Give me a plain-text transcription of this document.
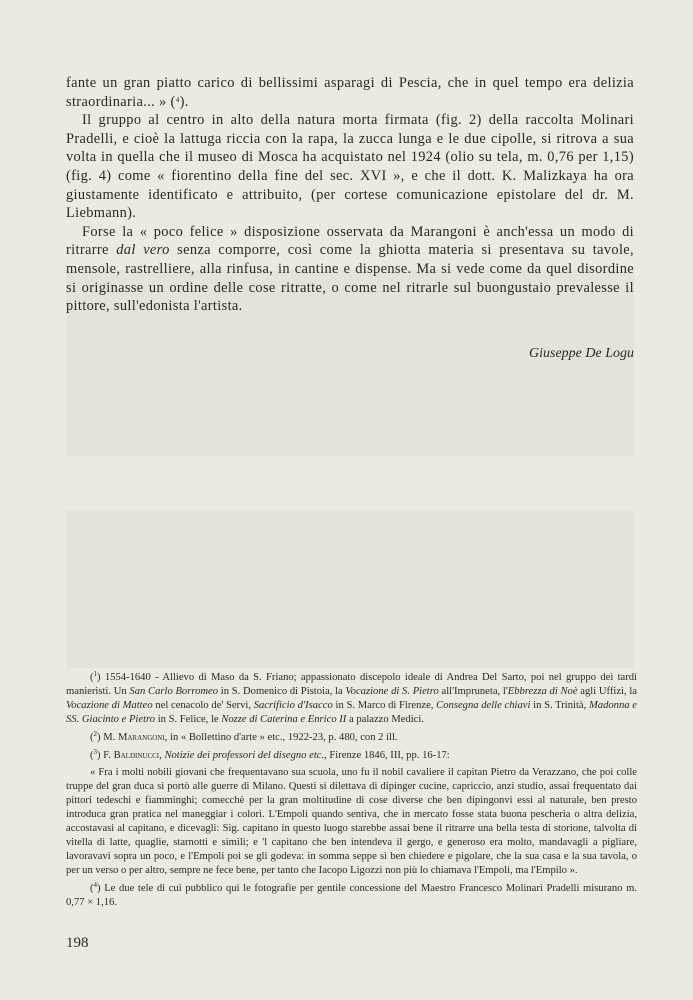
fante un gran piatto carico di bellissimi asparagi di Pescia, che in quel tempo era delizia straordinaria... » ($^4$).

Il gruppo al centro in alto della natura morta firmata (fig. 2) della raccolta Molinari Pradelli, e cioè la lattuga riccia con la rapa, la zucca lunga e le due cipolle, si ritrova a sua volta in quella che il museo di Mosca ha acquistato nel 1924 (olio su tela, m. 0,76 per 1,15) (fig. 4) come « fiorentino della fine del sec. XVI », e che il dott. K. Malizkaya ha ora giustamente identificato e attribuito, (per cortese comunicazione epistolare del dr. M. Liebmann).

Forse la « poco felice » disposizione osservata da Marangoni è anch'essa un modo di ritrarre dal vero senza comporre, così come la ghiotta materia si presentava su tavole, mensole, rastrelliere, alla rinfusa, in cantine e dispense. Ma si vede come da quel disordine si originasse un ordine delle cose ritratte, o come nel ritrarle sul buongustaio prevalesse il pittore, sull'edonista l'artista.

Giuseppe De Logu

($^1$) 1554-1640 - Allievo di Maso da S. Friano; appassionato discepolo ideale di Andrea Del Sarto, poi nel gruppo dei tardi manieristi. Un San Carlo Borromeo in S. Domenico di Pistoia, la Vocazione di S. Pietro all'Impruneta, l'Ebbrezza di Noè agli Uffizi, la Vocazione di Matteo nel cenacolo de' Servi, Sacrificio d'Isacco in S. Marco di Firenze, Consegna delle chiavi in S. Trinità, Madonna e SS. Giacinto e Pietro in S. Felice, le Nozze di Caterina e Enrico II a palazzo Medici.

($^2$) M. Marangoni, in « Bollettino d'arte » etc., 1922-23, p. 480, con 2 ill.

($^3$) F. Baldinucci, Notizie dei professori del disegno etc., Firenze 1846, III, pp. 16-17:

« Fra i molti nobili giovani che frequentavano sua scuola, uno fu il nobil cavaliere il capitan Pietro da Verazzano, che poi colle truppe del gran duca si portò alle guerre di Milano. Questi si dilettava di dipinger cucine, capriccio, anzi studio, assai frequentato dai pittori tedeschi e fiamminghi; comecchè per la gran moltitudine di cose diverse che ben dipingonvi essi al naturale, ben presto introduca gran pratica nel maneggiar i colori. L'Empoli quando sentiva, che in mercato fosse stata buona pescheria o altra delizia, accostavasi al capitano, e dicevagli: Sig. capitano in questo luogo starebbe assai bene il ritrarre una bella testa di storione, talvolta di vitella di latte, quaglie, starnotti e simili; e 'l capitano che ben intendeva il gergo, e generoso era molto, mandavagli a pigliare, lavoravavi sopra un poco, e l'Empoli poi se gli godeva: in somma seppe sì ben chiedere e pigolare, che la sua casa e la sua tavola, o per un verso o per altro, sempre ne fece bene, per tanto che Iacopo Ligozzi non più lo chiamava l'Empoli, ma l'Empilo ».

($^4$) Le due tele di cui pubblico qui le fotografie per gentile concessione del Maestro Francesco Molinari Pradelli misurano m. 0,77 × 1,16.

198
